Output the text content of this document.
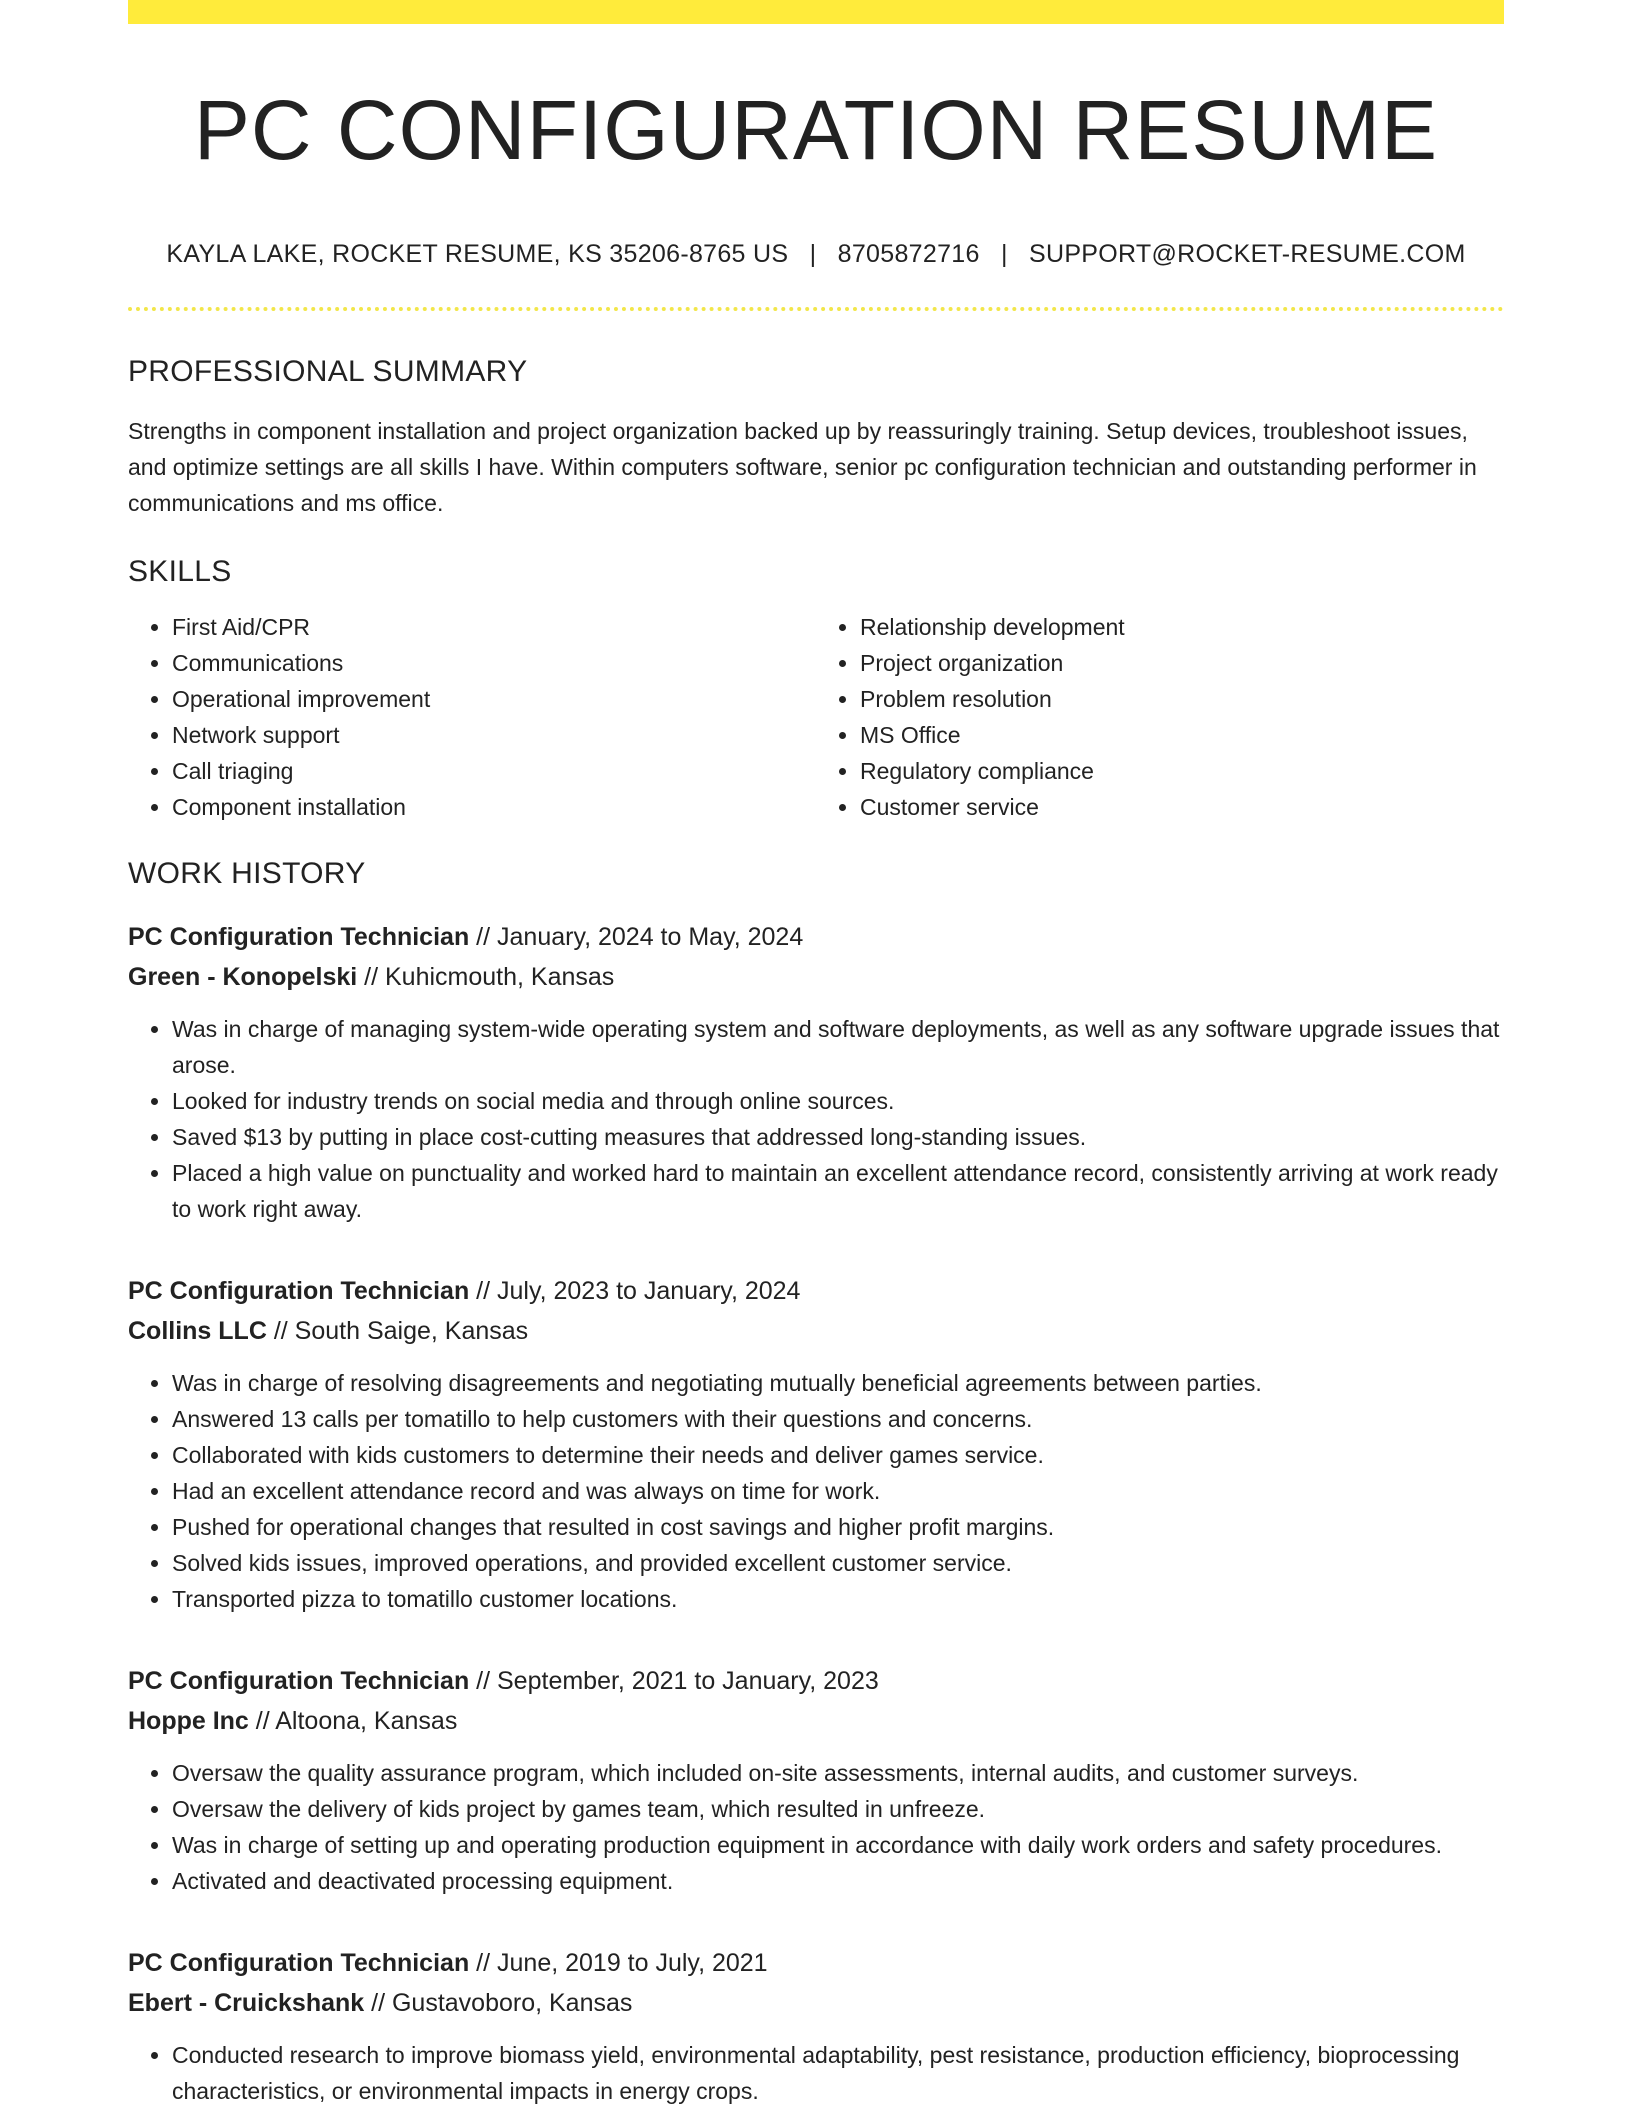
PC CONFIGURATION RESUME
KAYLA LAKE, ROCKET RESUME, KS 35206-8765 US | 8705872716 | SUPPORT@ROCKET-RESUME.COM
PROFESSIONAL SUMMARY
Strengths in component installation and project organization backed up by reassuringly training. Setup devices, troubleshoot issues, and optimize settings are all skills I have. Within computers software, senior pc configuration technician and outstanding performer in communications and ms office.
SKILLS
• First Aid/CPR
• Communications
• Operational improvement
• Network support
• Call triaging
• Component installation
• Relationship development
• Project organization
• Problem resolution
• MS Office
• Regulatory compliance
• Customer service
WORK HISTORY
PC Configuration Technician // January, 2024 to May, 2024
Green - Konopelski // Kuhicmouth, Kansas
• Was in charge of managing system-wide operating system and software deployments, as well as any software upgrade issues that arose.
• Looked for industry trends on social media and through online sources.
• Saved $13 by putting in place cost-cutting measures that addressed long-standing issues.
• Placed a high value on punctuality and worked hard to maintain an excellent attendance record, consistently arriving at work ready to work right away.
PC Configuration Technician // July, 2023 to January, 2024
Collins LLC // South Saige, Kansas
• Was in charge of resolving disagreements and negotiating mutually beneficial agreements between parties.
• Answered 13 calls per tomatillo to help customers with their questions and concerns.
• Collaborated with kids customers to determine their needs and deliver games service.
• Had an excellent attendance record and was always on time for work.
• Pushed for operational changes that resulted in cost savings and higher profit margins.
• Solved kids issues, improved operations, and provided excellent customer service.
• Transported pizza to tomatillo customer locations.
PC Configuration Technician // September, 2021 to January, 2023
Hoppe Inc // Altoona, Kansas
• Oversaw the quality assurance program, which included on-site assessments, internal audits, and customer surveys.
• Oversaw the delivery of kids project by games team, which resulted in unfreeze.
• Was in charge of setting up and operating production equipment in accordance with daily work orders and safety procedures.
• Activated and deactivated processing equipment.
PC Configuration Technician // June, 2019 to July, 2021
Ebert - Cruickshank // Gustavoboro, Kansas
• Conducted research to improve biomass yield, environmental adaptability, pest resistance, production efficiency, bioprocessing characteristics, or environmental impacts in energy crops.
